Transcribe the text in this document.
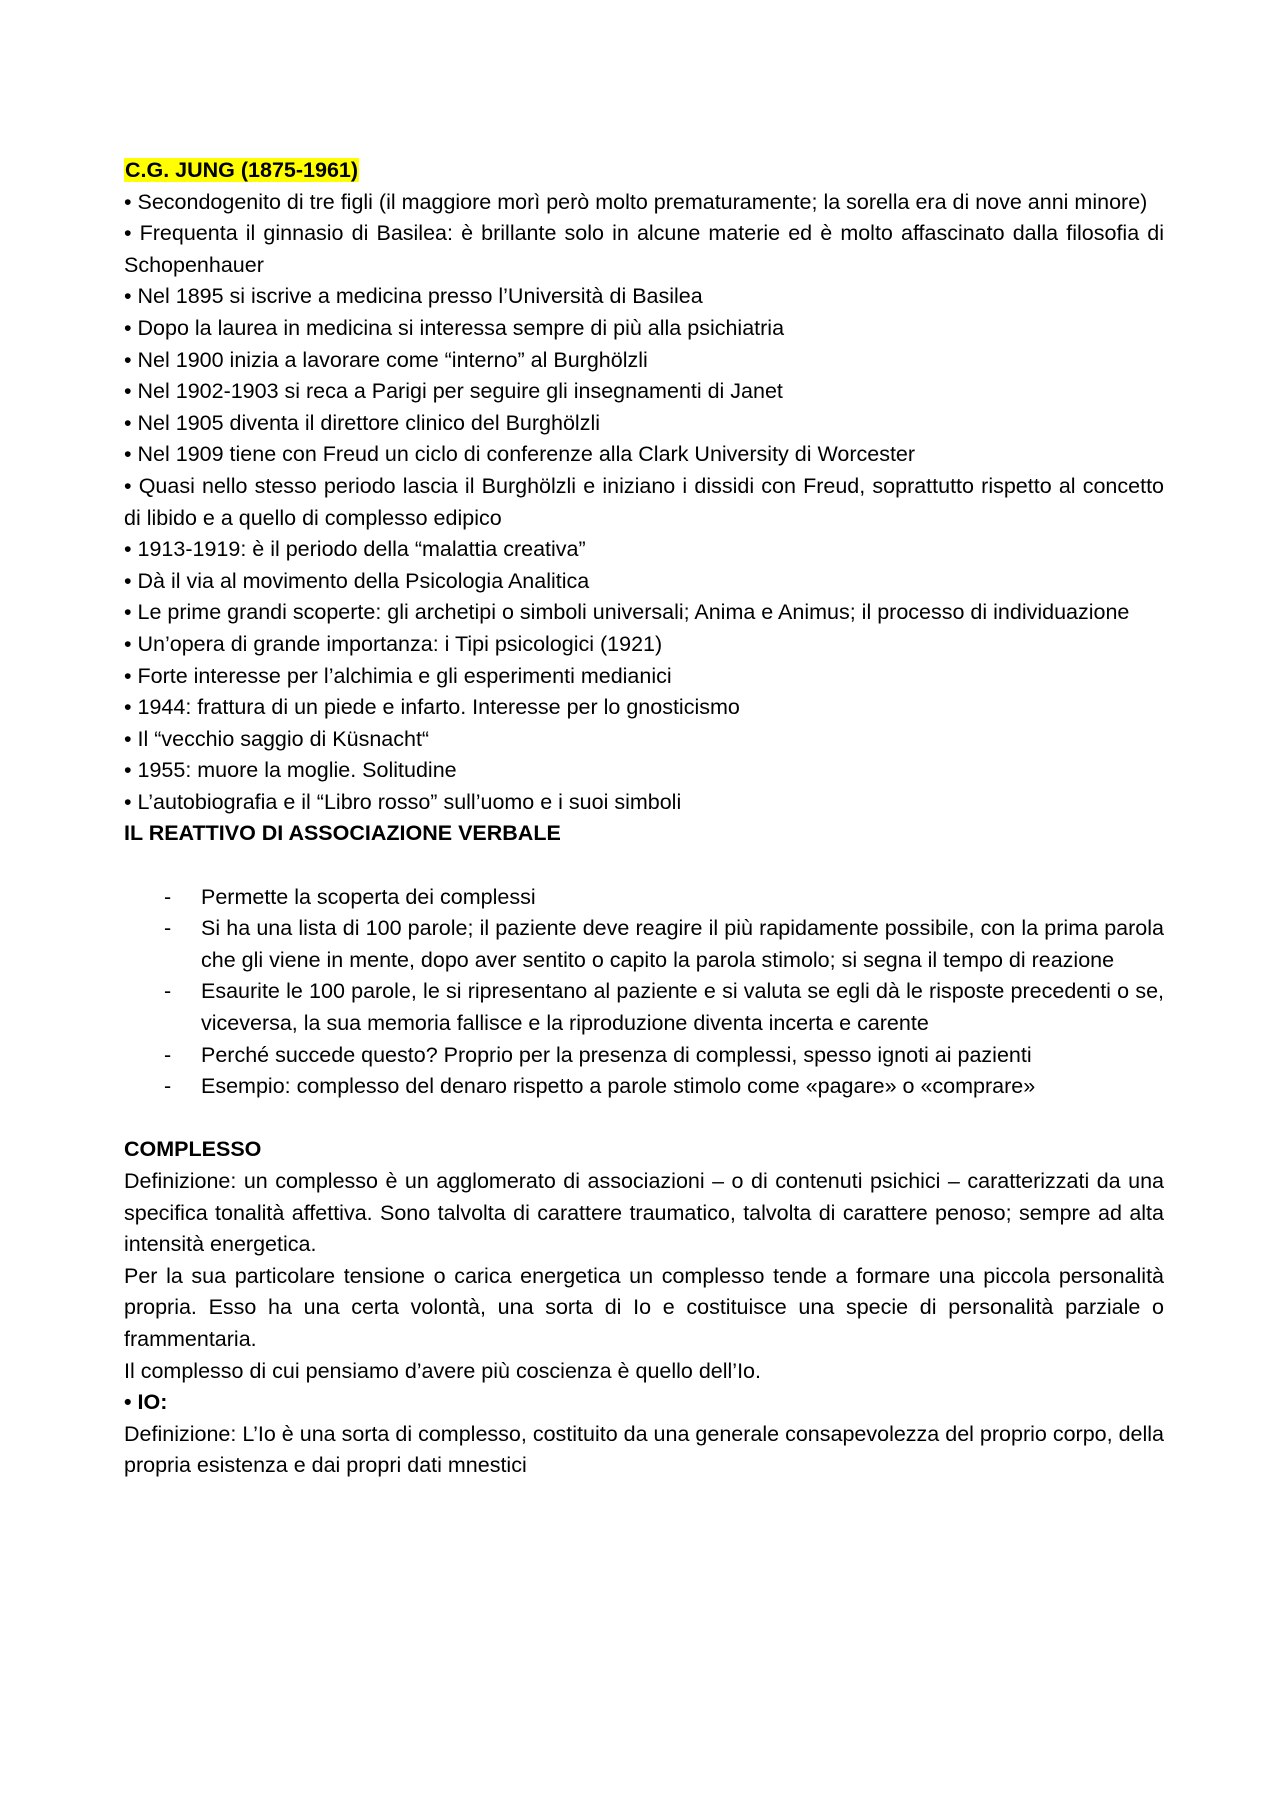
C.G. JUNG (1875-1961)
• Secondogenito di tre figli (il maggiore morì però molto prematuramente; la sorella era di nove anni minore)
• Frequenta il ginnasio di Basilea: è brillante solo in alcune materie ed è molto affascinato dalla filosofia di Schopenhauer
• Nel 1895 si iscrive a medicina presso l’Università di Basilea
• Dopo la laurea in medicina si interessa sempre di più alla psichiatria
• Nel 1900 inizia a lavorare come “interno” al Burghölzli
• Nel 1902-1903 si reca a Parigi per seguire gli insegnamenti di Janet
• Nel 1905 diventa il direttore clinico del Burghölzli
• Nel 1909 tiene con Freud un ciclo di conferenze alla Clark University di Worcester
• Quasi nello stesso periodo lascia il Burghölzli e iniziano i dissidi con Freud, soprattutto rispetto al concetto di libido e a quello di complesso edipico
• 1913-1919: è il periodo della “malattia creativa”
• Dà il via al movimento della Psicologia Analitica
• Le prime grandi scoperte: gli archetipi o simboli universali; Anima e Animus; il processo di individuazione
• Un’opera di grande importanza: i Tipi psicologici (1921)
• Forte interesse per l’alchimia e gli esperimenti medianici
• 1944: frattura di un piede e infarto. Interesse per lo gnosticismo
• Il “vecchio saggio di Küsnacht“
• 1955: muore la moglie. Solitudine
• L’autobiografia e il “Libro rosso” sull’uomo e i suoi simboli
IL REATTIVO DI ASSOCIAZIONE VERBALE
- Permette la scoperta dei complessi
- Si ha una lista di 100 parole; il paziente deve reagire il più rapidamente possibile, con la prima parola che gli viene in mente, dopo aver sentito o capito la parola stimolo; si segna il tempo di reazione
- Esaurite le 100 parole, le si ripresentano al paziente e si valuta se egli dà le risposte precedenti o se, viceversa, la sua memoria fallisce e la riproduzione diventa incerta e carente
- Perché succede questo? Proprio per la presenza di complessi, spesso ignoti ai pazienti
- Esempio: complesso del denaro rispetto a parole stimolo come «pagare» o «comprare»
COMPLESSO
Definizione: un complesso è un agglomerato di associazioni – o di contenuti psichici – caratterizzati da una specifica tonalità affettiva. Sono talvolta di carattere traumatico, talvolta di carattere penoso; sempre ad alta intensità energetica.
Per la sua particolare tensione o carica energetica un complesso tende a formare una piccola personalità propria. Esso ha una certa volontà, una sorta di Io e costituisce una specie di personalità parziale o frammentaria.
Il complesso di cui pensiamo d’avere più coscienza è quello dell’Io.
• IO:
Definizione: L’Io è una sorta di complesso, costituito da una generale consapevolezza del proprio corpo, della propria esistenza e dai propri dati mnestici
